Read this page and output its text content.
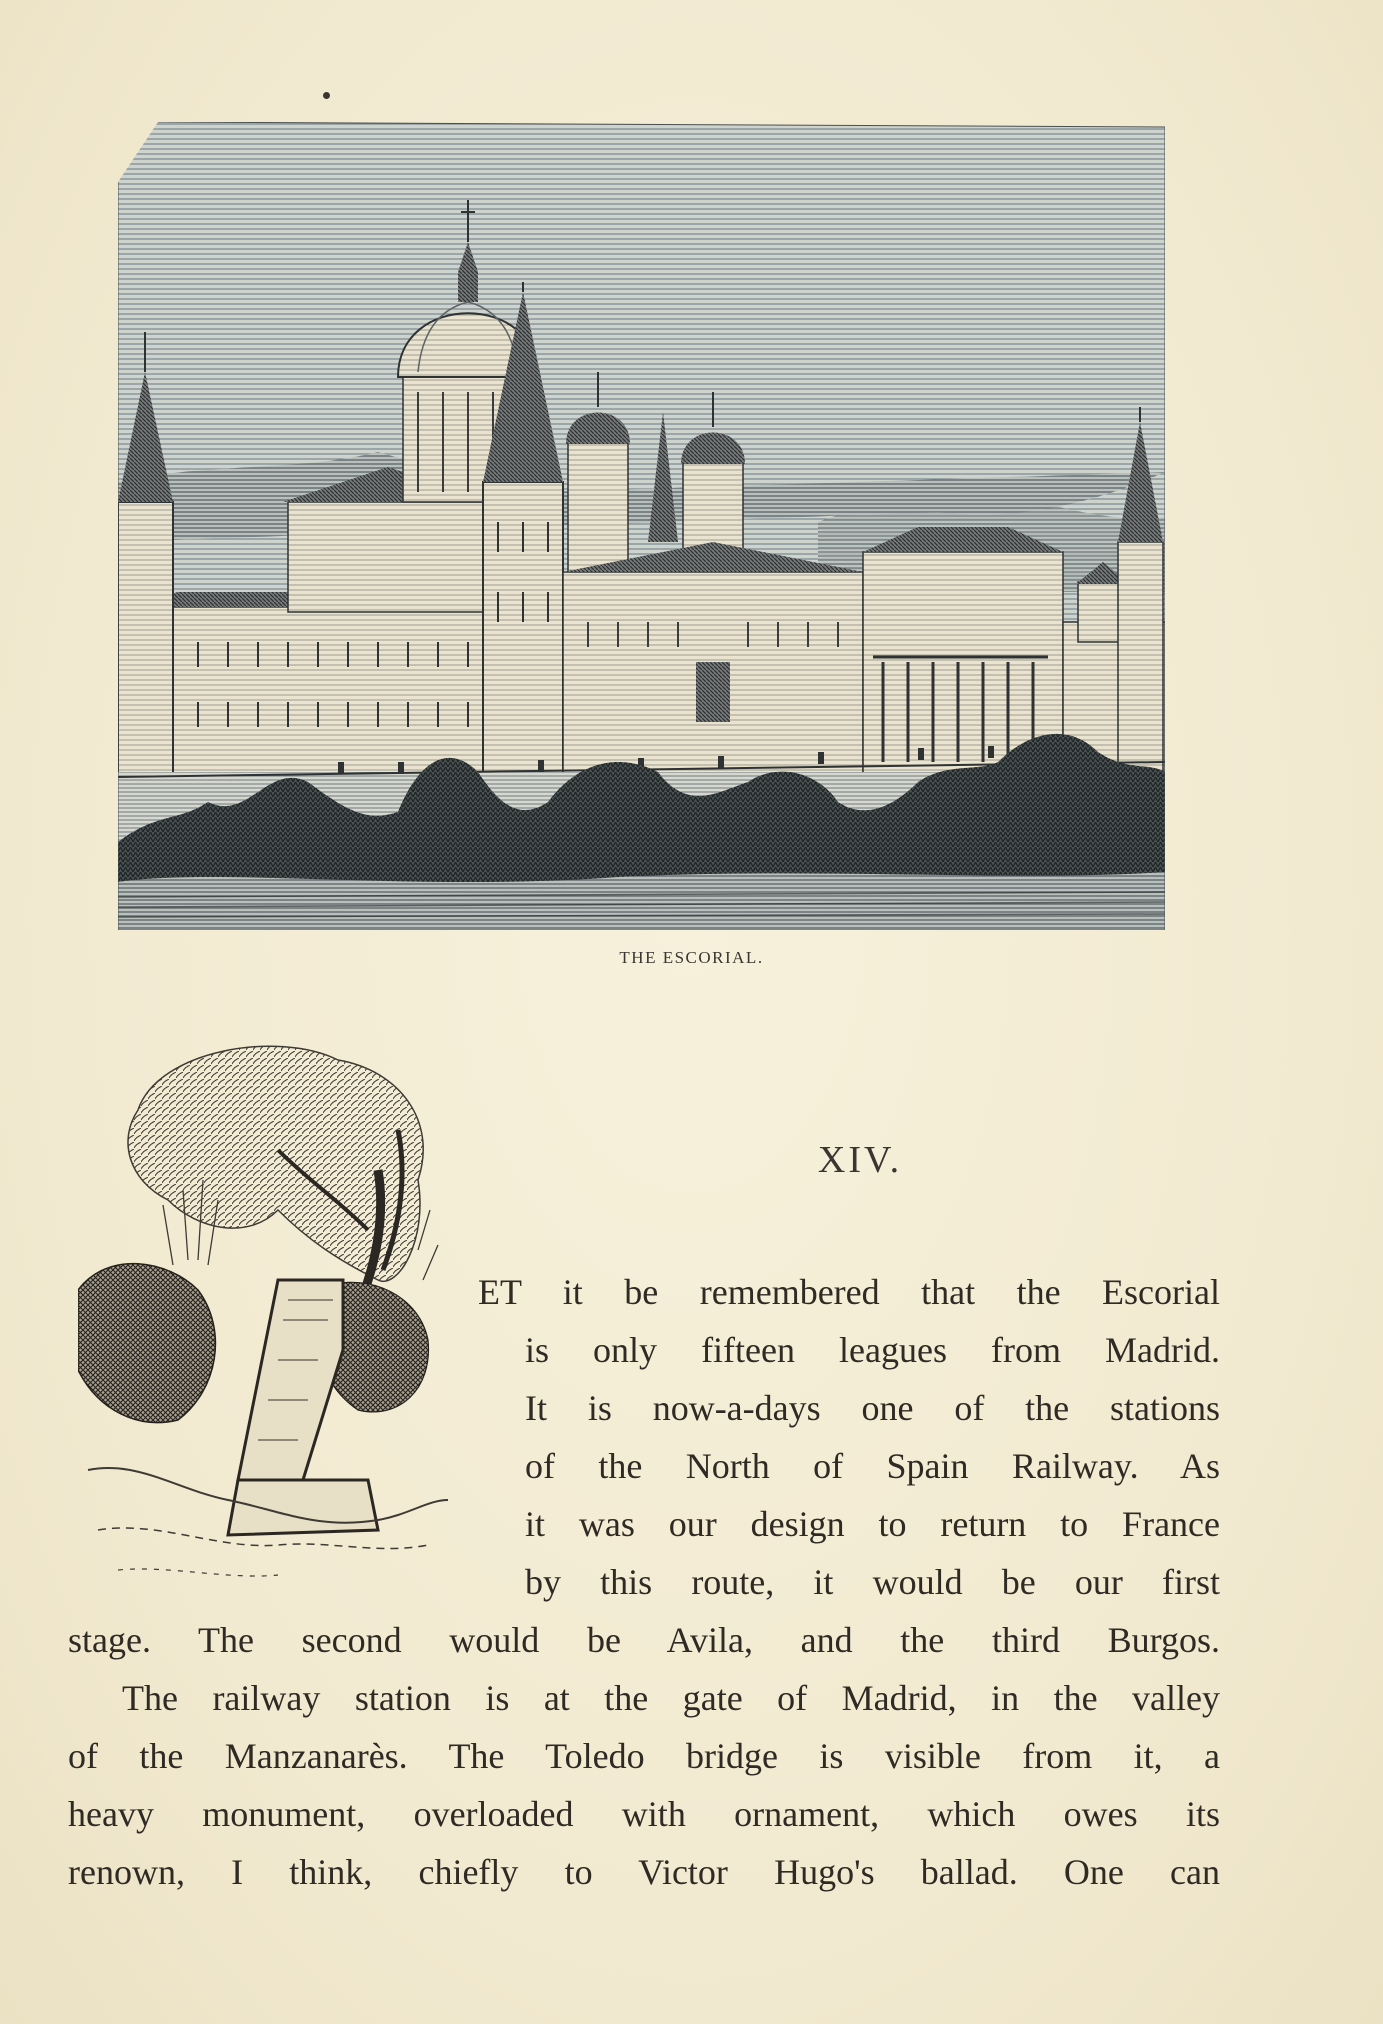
THE ESCORIAL.
XIV.
ET it be remembered that the Escorial
is only fifteen leagues from Madrid.
It is now-a-days one of the stations
of the North of Spain Railway. As
it was our design to return to France
by this route, it would be our first
stage. The second would be Avila, and the third Burgos.
The railway station is at the gate of Madrid, in the valley
of the Manzanarès. The Toledo bridge is visible from it, a
heavy monument, overloaded with ornament, which owes its
renown, I think, chiefly to Victor Hugo's ballad. One can
